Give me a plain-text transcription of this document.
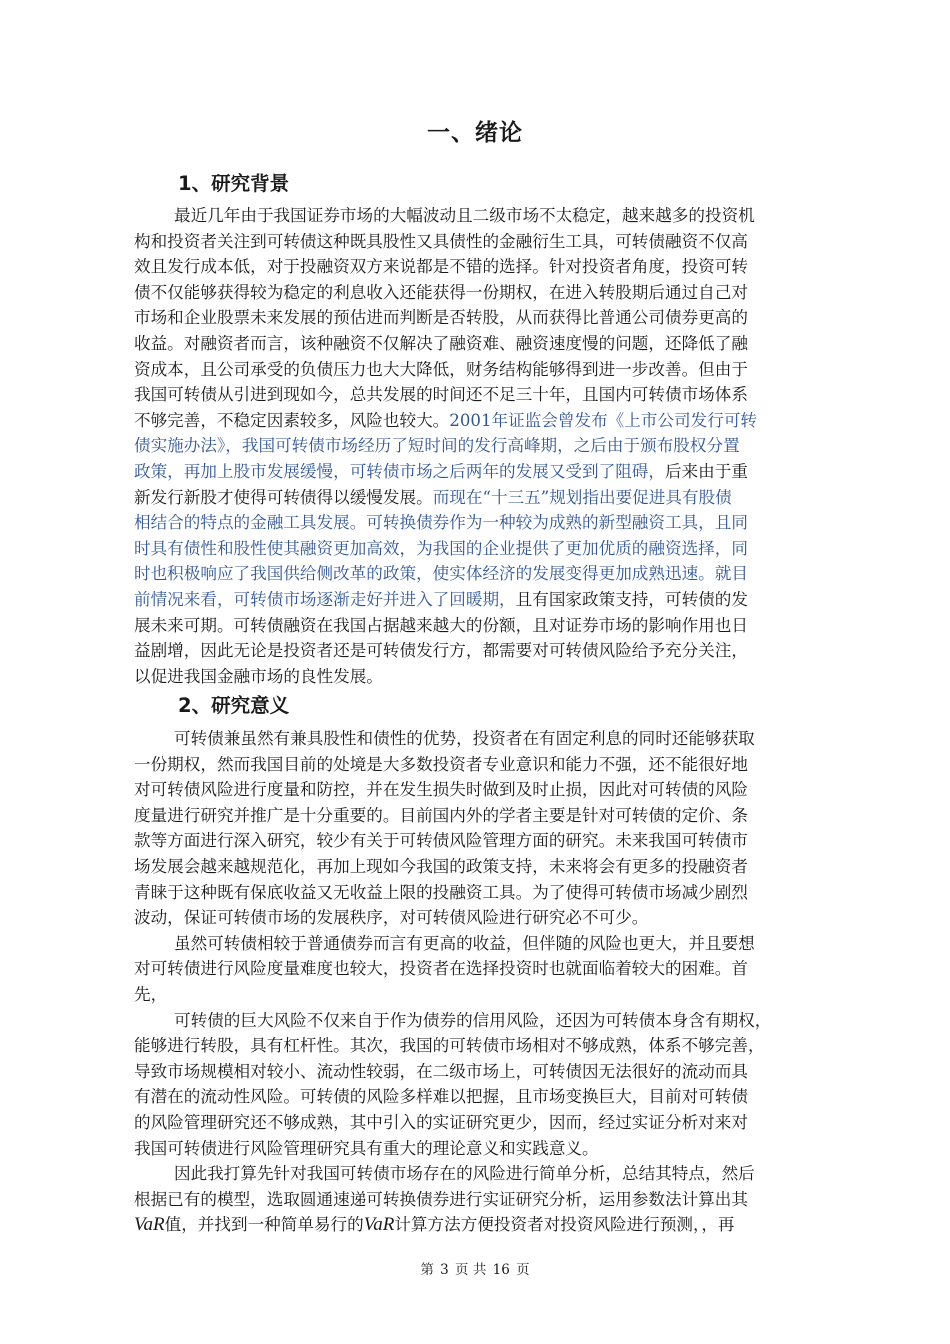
一、绪论
1、研究背景
最近几年由于我国证券市场的大幅波动且二级市场不太稳定，越来越多的投资机
构和投资者关注到可转债这种既具股性又具债性的金融衍生工具，可转债融资不仅高
效且发行成本低，对于投融资双方来说都是不错的选择。针对投资者角度，投资可转
债不仅能够获得较为稳定的利息收入还能获得一份期权，在进入转股期后通过自己对
市场和企业股票未来发展的预估进而判断是否转股，从而获得比普通公司债券更高的
收益。对融资者而言，该种融资不仅解决了融资难、融资速度慢的问题，还降低了融
资成本，且公司承受的负债压力也大大降低，财务结构能够得到进一步改善。但由于
我国可转债从引进到现如今，总共发展的时间还不足三十年，且国内可转债市场体系
不够完善，不稳定因素较多，风险也较大。2001年证监会曾发布《上市公司发行可转
债实施办法》，我国可转债市场经历了短时间的发行高峰期，之后由于颁布股权分置
政策，再加上股市发展缓慢，可转债市场之后两年的发展又受到了阻碍，后来由于重
新发行新股才使得可转债得以缓慢发展。而现在“十三五”规划指出要促进具有股债
相结合的特点的金融工具发展。可转换债券作为一种较为成熟的新型融资工具，且同
时具有债性和股性使其融资更加高效，为我国的企业提供了更加优质的融资选择，同
时也积极响应了我国供给侧改革的政策，使实体经济的发展变得更加成熟迅速。就目
前情况来看，可转债市场逐渐走好并进入了回暖期，且有国家政策支持，可转债的发
展未来可期。可转债融资在我国占据越来越大的份额，且对证券市场的影响作用也日
益剧增，因此无论是投资者还是可转债发行方，都需要对可转债风险给予充分关注，
以促进我国金融市场的良性发展。
2、研究意义
可转债兼虽然有兼具股性和债性的优势，投资者在有固定利息的同时还能够获取
一份期权，然而我国目前的处境是大多数投资者专业意识和能力不强，还不能很好地
对可转债风险进行度量和防控，并在发生损失时做到及时止损，因此对可转债的风险
度量进行研究并推广是十分重要的。目前国内外的学者主要是针对可转债的定价、条
款等方面进行深入研究，较少有关于可转债风险管理方面的研究。未来我国可转债市
场发展会越来越规范化，再加上现如今我国的政策支持，未来将会有更多的投融资者
青睐于这种既有保底收益又无收益上限的投融资工具。为了使得可转债市场减少剧烈
波动，保证可转债市场的发展秩序，对可转债风险进行研究必不可少。
虽然可转债相较于普通债券而言有更高的收益，但伴随的风险也更大，并且要想
对可转债进行风险度量难度也较大，投资者在选择投资时也就面临着较大的困难。首
先，
可转债的巨大风险不仅来自于作为债券的信用风险，还因为可转债本身含有期权，
能够进行转股，具有杠杆性。其次，我国的可转债市场相对不够成熟，体系不够完善，
导致市场规模相对较小、流动性较弱，在二级市场上，可转债因无法很好的流动而具
有潜在的流动性风险。可转债的风险多样难以把握，且市场变换巨大，目前对可转债
的风险管理研究还不够成熟，其中引入的实证研究更少，因而，经过实证分析对来对
我国可转债进行风险管理研究具有重大的理论意义和实践意义。
因此我打算先针对我国可转债市场存在的风险进行简单分析，总结其特点，然后
根据已有的模型，选取圆通速递可转换债券进行实证研究分析，运用参数法计算出其
VaR值，并找到一种简单易行的VaR计算方法方便投资者对投资风险进行预测，，再
第 3 页 共 16 页
